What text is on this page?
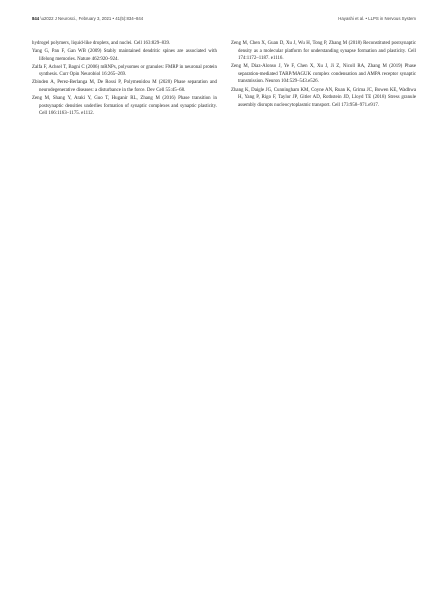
844 \u2022 J Neurosci., February 3, 2021 • 41(5):834–844	Hayashi et al. • LLPS in Nervous System

hydrogel polymers, liquid-like droplets, and nuclei. Cell 163:829–839.

Yang G, Pan F, Gan WB (2009) Stably maintained dendritic spines are associated with lifelong memories. Nature 462:920–924.

Zalfa F, Achsel T, Bagni C (2006) mRNPs, polysomes or granules: FMRP in neuronal protein synthesis. Curr Opin Neurobiol 16:265–269.

Zbinden A, Perez-Berlanga M, De Rossi P, Polymenidou M (2020) Phase separation and neurodegenerative diseases: a disturbance in the force. Dev Cell 55:45–68.

Zeng M, Shang Y, Araki Y, Guo T, Huganir RL, Zhang M (2016) Phase transition in postsynaptic densities underlies formation of synaptic complexes and synaptic plasticity. Cell 166:1163–1175. e1112.

Zeng M, Chen X, Guan D, Xu J, Wu H, Tong P, Zhang M (2018) Reconstituted postsynaptic density as a molecular platform for understanding synapse formation and plasticity. Cell 174:1172–1187. e1116.

Zeng M, Diaz-Alonso J, Ye F, Chen X, Xu J, Ji Z, Nicoll RA, Zhang M (2019) Phase separation-mediated TARP/MAGUK complex condensation and AMPA receptor synaptic transmission. Neuron 104:529–543.e526.

Zhang K, Daigle JG, Cunningham KM, Coyne AN, Ruan K, Grima JC, Bowen KE, Wadhwa H, Yang P, Rigo F, Taylor JP, Gitler AD, Rothstein JD, Lloyd TE (2018) Stress granule assembly disrupts nucleocytoplasmic transport. Cell 173:958–971.e917.
